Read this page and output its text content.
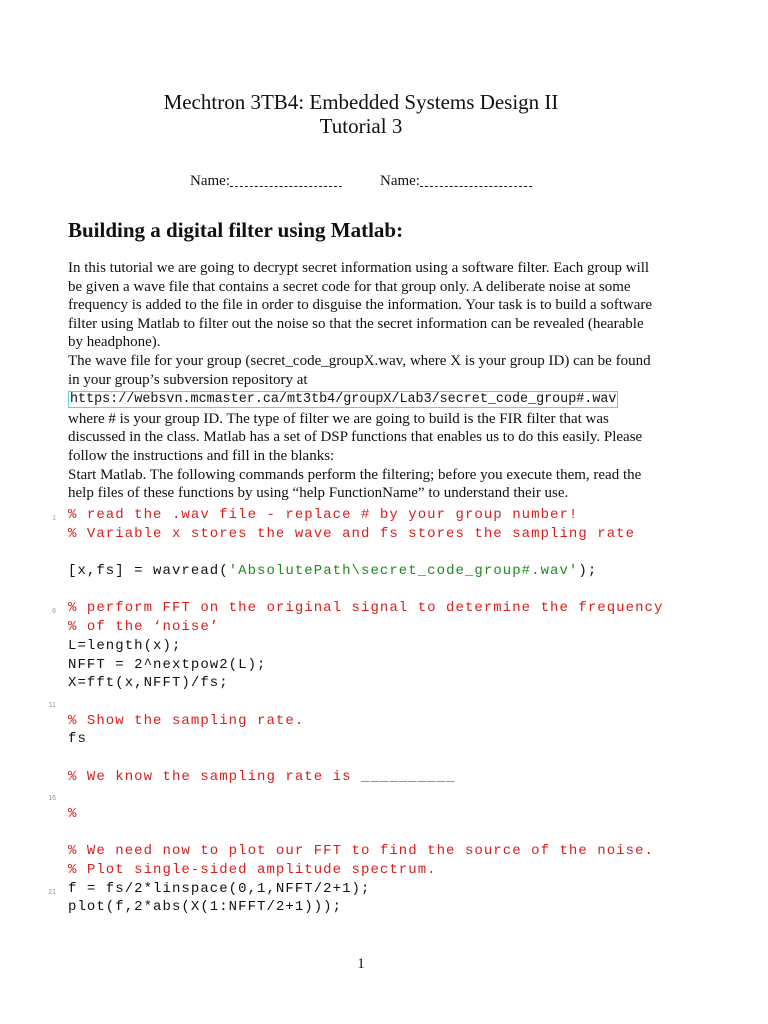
Mechtron 3TB4: Embedded Systems Design II
Tutorial 3
Name:	Name:
Building a digital filter using Matlab:

In this tutorial we are going to decrypt secret information using a software filter. Each group will be given a wave file that contains a secret code for that group only. A deliberate noise at some frequency is added to the file in order to disguise the information. Your task is to build a software filter using Matlab to filter out the noise so that the secret information can be revealed (hearable by headphone).

The wave file for your group (secret_code_groupX.wav, where X is your group ID) can be found in your group’s subversion repository at

https://websvn.mcmaster.ca/mt3tb4/groupX/Lab3/secret_code_group#.wav

where # is your group ID. The type of filter we are going to build is the FIR filter that was discussed in the class. Matlab has a set of DSP functions that enables us to do this easily. Please follow the instructions and fill in the blanks:

Start Matlab. The following commands perform the filtering; before you execute them, read the help files of these functions by using “help FunctionName” to understand their use.

1 % read the .wav file - replace # by your group number!
% Variable x stores the wave and fs stores the sampling rate
[x,fs] = wavread('AbsolutePath\secret_code_group#.wav');
6 % perform FFT on the original signal to determine the frequency
% of the ‘noise’
L=length(x);
NFFT = 2^nextpow2(L);
X=fft(x,NFFT)/fs;
11
% Show the sampling rate.
fs
% We know the sampling rate is __________
16
%
% We need now to plot our FFT to find the source of the noise.
% Plot single-sided amplitude spectrum.
21 f = fs/2*linspace(0,1,NFFT/2+1);
plot(f,2*abs(X(1:NFFT/2+1)));
1
